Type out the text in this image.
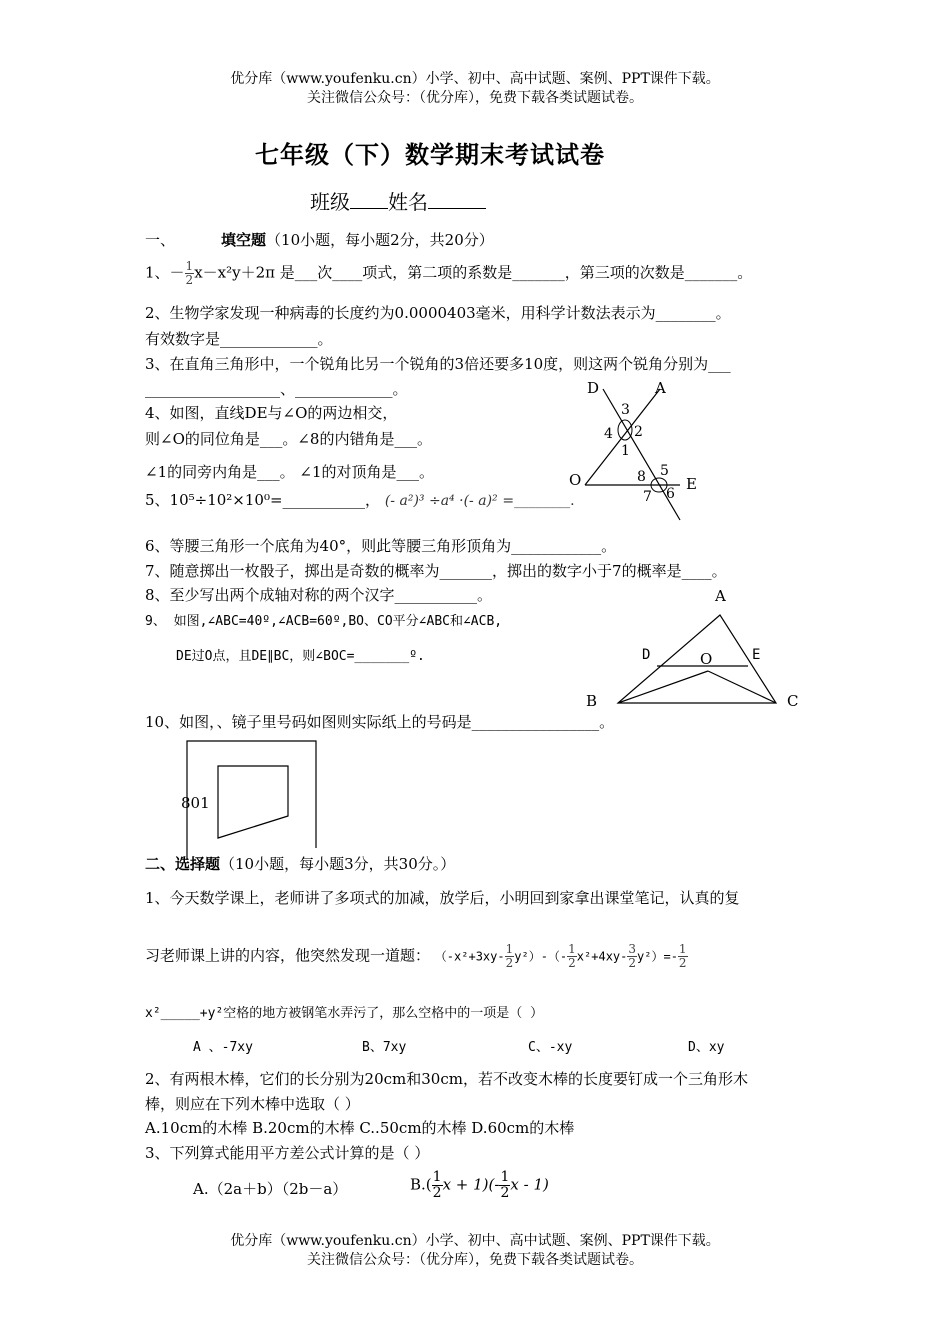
优分库（www.youfenku.cn）小学、初中、高中试题、案例、PPT课件下载。
关注微信公众号：（优分库），免费下载各类试题试卷。
七年级（下）数学期末考试试卷
班级 姓名
一、	填空题（10小题，每小题2分，共20分）
1、－ $\frac{1}{2} x-x^2y+2\pi$ 是___次____项式，第二项的系数是_______，第三项的次数是_______。
2、生物学家发现一种病毒的长度约为0.0000403毫米，用科学计数法表示为________。
有效数字是_____________。
3、在直角三角形中，一个锐角比另一个锐角的3倍还要多10度，则这两个锐角分别为___
__________________、_____________。
4、如图，直线DE与∠O的两边相交，
则∠O的同位角是___。∠8的内错角是___。
∠1的同旁内角是___。 ∠1的对顶角是___。
5、10⁵÷10²×10⁰=___________， (- a²)³ ÷a⁴ ·(- a)² =________.
D	A
3
4 2
1
O	8 5
7 6
E
6、等腰三角形一个底角为40°，则此等腰三角形顶角为____________。
7、随意掷出一枚骰子，掷出是奇数的概率为_______，掷出的数字小于7的概率是____。
8、至少写出两个成轴对称的两个汉字___________。
9、 如图,∠ABC=40º,∠ACB=60º,BO、CO平分∠ABC和∠ACB,
DE过O点，且DE∥BC，则∠BOC=_______º.
A
D	O	E
B	C
10、如图，、镜子里号码如图则实际纸上的号码是_________________。
801
二、选择题（10小题，每小题3分，共30分。）
1、今天数学课上，老师讲了多项式的加减，放学后，小明回到家拿出课堂笔记，认真的复
习老师课上讲的内容，他突然发现一道题： $(-x^2+3xy- \frac{1}{2} y^2)-(- \frac{1}{2} x^2+4xy- \frac{3}{2} y^2)=- \frac{1}{2}$
x²_____+y²空格的地方被钢笔水弄污了，那么空格中的一项是（ ）
A 、-7xy	B、7xy	C、-xy	D、xy
2、有两根木棒，它们的长分别为20cm和30cm，若不改变木棒的长度要钉成一个三角形木
棒，则应在下列木棒中选取（ ）
A.10cm的木棒 B.20cm的木棒 C..50cm的木棒 D.60cm的木棒
3、下列算式能用平方差公式计算的是（ ）
A.（2a＋b）（2b－a）	$B.( \frac{1}{2}$ $x + 1)(- \frac{1}{2}$ x - 1)
优分库（www.youfenku.cn）小学、初中、高中试题、案例、PPT课件下载。
关注微信公众号：（优分库），免费下载各类试题试卷。
